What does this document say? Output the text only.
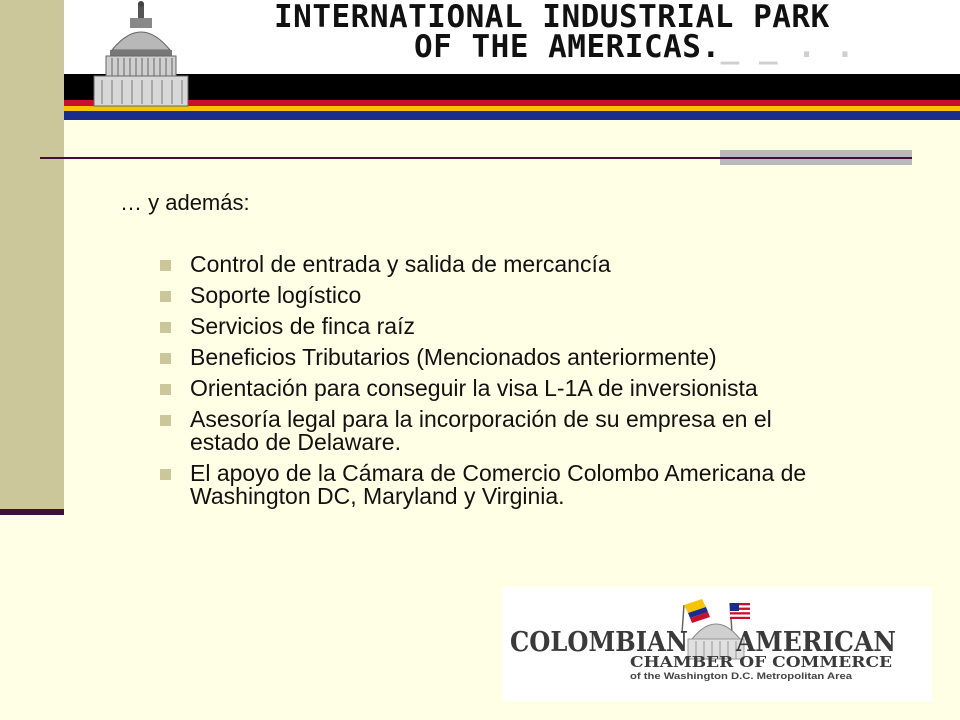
INTERNATIONAL INDUSTRIAL PARK
OF THE AMERICAS._ _ . .

… y además:

Control de entrada y salida de mercancía
Soporte logístico
Servicios de finca raíz
Beneficios Tributarios (Mencionados anteriormente)
Orientación para conseguir la visa L-1A de inversionista
Asesoría legal para la incorporación de su empresa en el estado de Delaware.
El apoyo de la Cámara de Comercio Colombo Americana de Washington DC, Maryland y Virginia.
COLOMBIAN AMERICAN
CHAMBER OF COMMERCE
of the Washington D.C. Metropolitan Area
